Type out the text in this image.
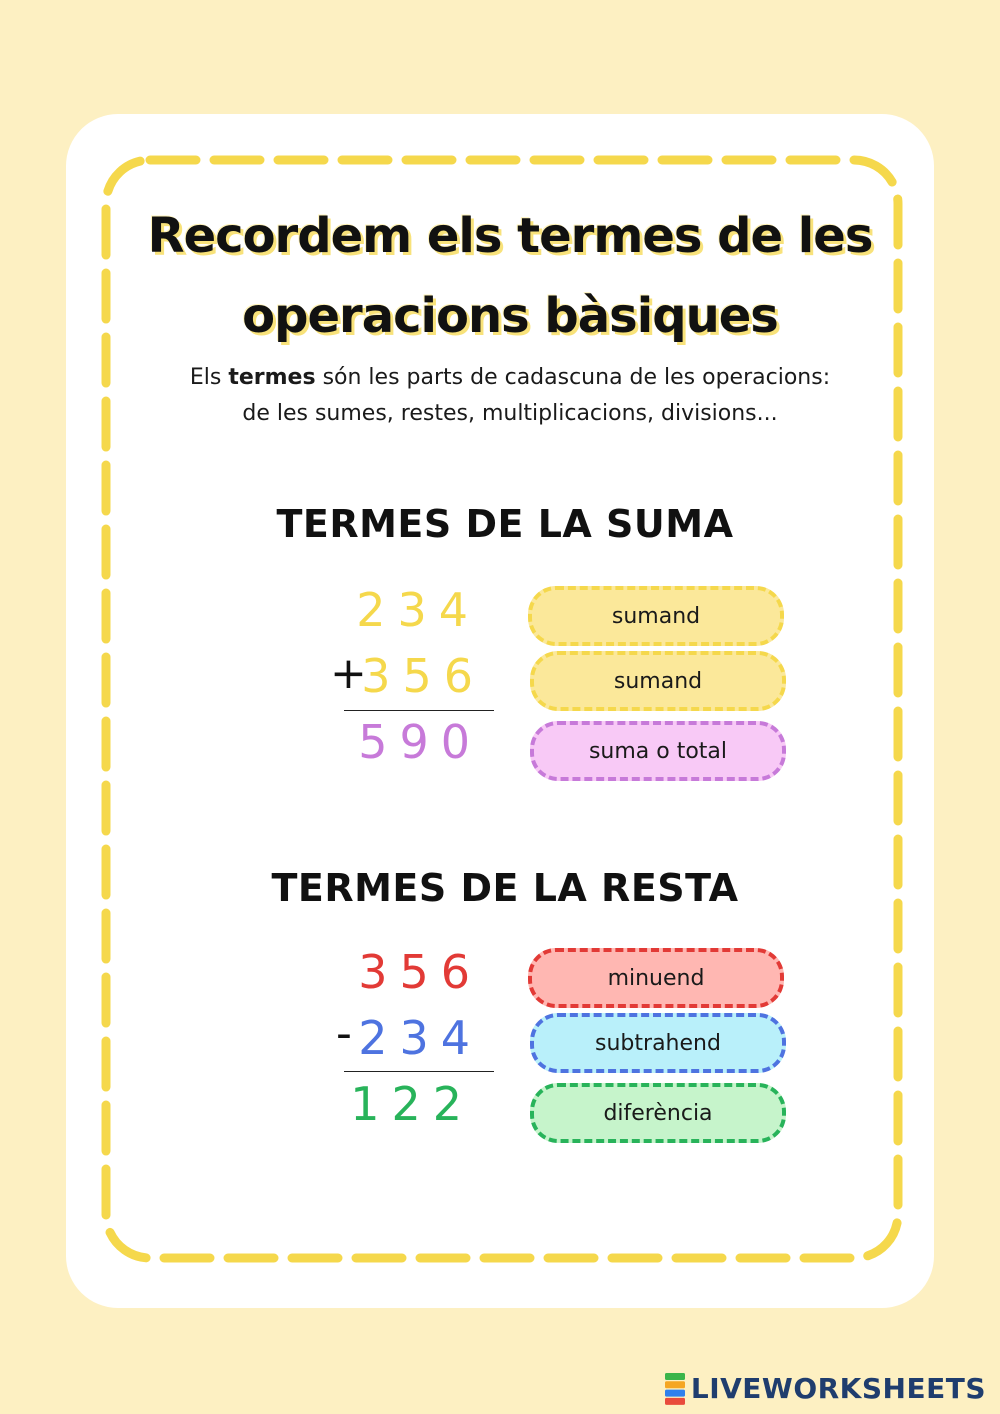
Recordem els termes de les
operacions bàsiques
Els termes són les parts de cadascuna de les operacions:
de les sumes, restes, multiplicacions, divisions...
TERMES DE LA SUMA
234
+
356
590
sumand
sumand
suma o total
TERMES DE LA RESTA
356
- 234
122
minuend
subtrahend
diferència
LIVEWORKSHEETS
